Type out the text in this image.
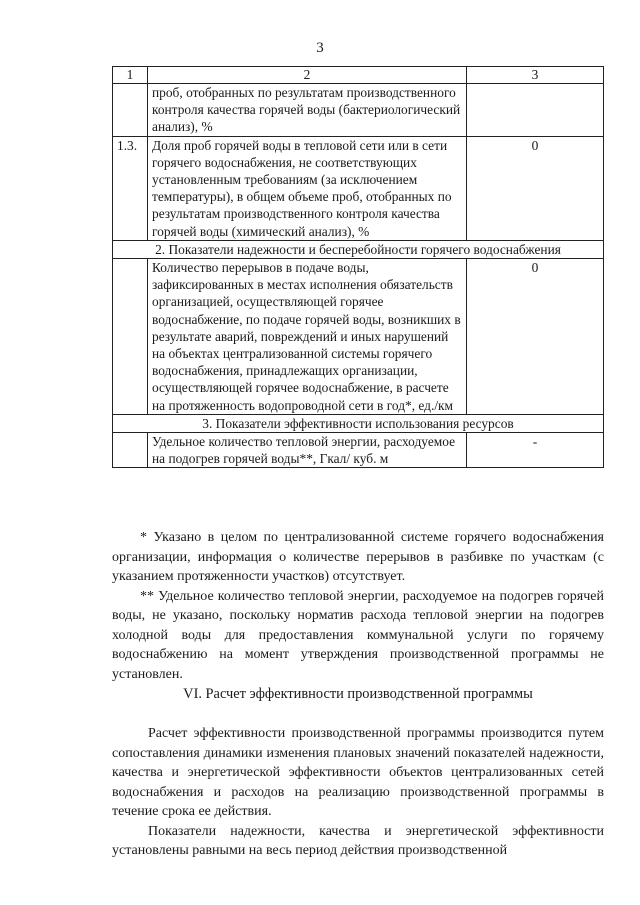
3
1	2	3
	проб, отобранных по результатам производственного контроля качества горячей воды (бактериологический анализ), %	
1.3.	Доля проб горячей воды в тепловой сети или в сети горячего водоснабжения, не соответствующих установленным требованиям (за исключением температуры), в общем объеме проб, отобранных по результатам производственного контроля качества горячей воды (химический анализ), %	0
2. Показатели надежности и бесперебойности горячего водоснабжения		
	Количество перерывов в подаче воды, зафиксированных в местах исполнения обязательств организацией, осуществляющей горячее водоснабжение, по подаче горячей воды, возникших в результате аварий, повреждений и иных нарушений на объектах централизованной системы горячего водоснабжения, принадлежащих организации, осуществляющей горячее водоснабжение, в расчете на протяженность водопроводной сети в год*, ед./км	0
3. Показатели эффективности использования ресурсов		
	Удельное количество тепловой энергии, расходуемое на подогрев горячей воды**, Гкал/ куб. м	-

* Указано в целом по централизованной системе горячего водоснабжения организации, информация о количестве перерывов в разбивке по участкам (с указанием протяженности участков) отсутствует.

** Удельное количество тепловой энергии, расходуемое на подогрев горячей воды, не указано, поскольку норматив расхода тепловой энергии на подогрев холодной воды для предоставления коммунальной услуги по горячему водоснабжению на момент утверждения производственной программы не установлен.

VI. Расчет эффективности производственной программы

Расчет эффективности производственной программы производится путем сопоставления динамики изменения плановых значений показателей надежности, качества и энергетической эффективности объектов централизованных сетей водоснабжения и расходов на реализацию производственной программы в течение срока ее действия.

Показатели надежности, качества и энергетической эффективности установлены равными на весь период действия производственной
